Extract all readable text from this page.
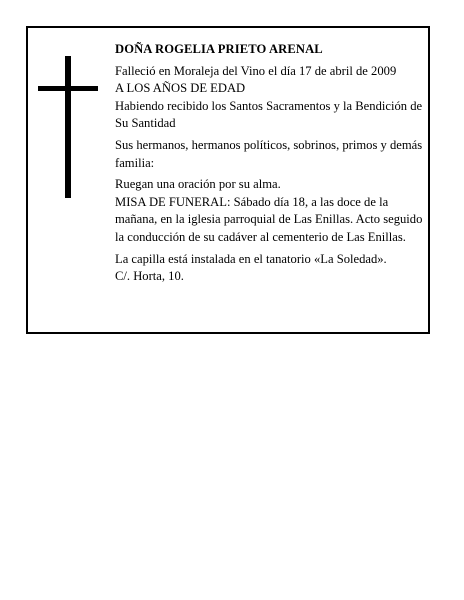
DOÑA ROGELIA PRIETO ARENAL

Falleció en Moraleja del Vino el día 17 de abril de 2009

A LOS AÑOS DE EDAD

Habiendo recibido los Santos Sacramentos y la Bendición de Su Santidad

Sus hermanos, hermanos políticos, sobrinos, primos y demás familia:

Ruegan una oración por su alma.

MISA DE FUNERAL: Sábado día 18, a las doce de la mañana, en la iglesia parroquial de Las Enillas. Acto seguido la conducción de su cadáver al cementerio de Las Enillas.

La capilla está instalada en el tanatorio «La Soledad».

C/. Horta, 10.
